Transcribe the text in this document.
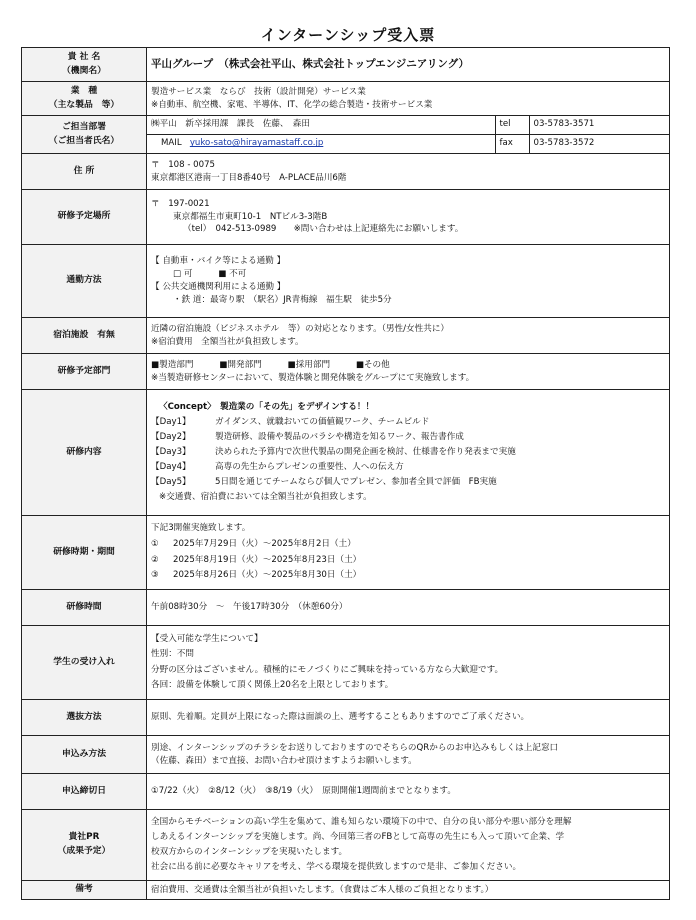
インターンシップ受入票
貴 社 名
（機関名）
	平山グループ　（株式会社平山、株式会社トップエンジニアリング）

業　種
（主な製品　等）

製造サービス業　ならび　技術（設計開発）サービス業
※自動車、航空機、家電、半導体、IT、化学の総合製造・技術サービス業

ご担当部署
（ご担当者氏名）

㈱平山　新卒採用課　課長　佐藤、　森田	tel	03-5783-3571
MAIL yuko-sato@hirayamastaff.co.jp	fax	03-5783-3572

住 所	
〒　108 - 0075
東京都港区港南一丁目8番40号　A-PLACE品川6階

研修予定場所	
〒　197-0021
東京都福生市東町10-1　NTビル3-3階B
（tel）　042-513-0989　　※問い合わせは上記連絡先にお願いします。

通勤方法	
【 自動車・バイク等による通勤 】
□ 可　　　■ 不可
【 公共交通機関利用による通勤 】
・鉄 道：最寄り駅　（駅名）JR青梅線　福生駅　徒歩5分

宿泊施設　有無	
近隣の宿泊施設（ビジネスホテル　等）の対応となります。（男性/女性共に）
※宿泊費用　全額当社が負担致します。

研修予定部門	
■製造部門　　　■開発部門　　　■採用部門　　　■その他
※当製造研修センターにおいて、製造体験と開発体験をグループにて実施致します。

研修内容	
〈Concept〉　製造業の「その先」をデザインする！！
【Day1】	ガイダンス、就職おいての価値観ワーク、チームビルド
【Day2】	製造研修、設備や製品のバラシや構造を知るワーク、報告書作成
【Day3】	決められた予算内で次世代製品の開発企画を検討、仕様書を作り発表まで実施
【Day4】	高専の先生からプレゼンの重要性、人への伝え方
【Day5】	5日間を通じてチームならび個人でプレゼン、参加者全員で評価　FB実施
※交通費、宿泊費においては全額当社が負担致します。

研修時期・期間	
下記3開催実施致します。
① 2025年7月29日（火）～2025年8月2日（土）
② 2025年8月19日（火）～2025年8月23日（土）
③ 2025年8月26日（火）～2025年8月30日（土）

研修時間	午前08時30分　～　午後17時30分　（休憩60分）
学生の受け入れ	
【受入可能な学生について】
性別：不問
分野の区分はございません。積極的にモノづくりにご興味を持っている方なら大歓迎です。
各回：設備を体験して頂く関係上20名を上限としております。

選抜方法	原則、先着順。定員が上限になった際は面談の上、選考することもありますのでご了承ください。
申込み方法	
別途、インターンシップのチラシをお送りしておりますのでそちらのQRからのお申込みもしくは上記窓口
（佐藤、森田）まで直接、お問い合わせ頂けますようお願いします。

申込締切日	①7/22（火）　②8/12（火）　③8/19（火）　原則開催1週間前までとなります。

貴社PR
（成果予定）

全国からモチベーションの高い学生を集めて、誰も知らない環境下の中で、自分の良い部分や悪い部分を理解
しあえるインターンシップを実施します。尚、今回第三者のFBとして高専の先生にも入って頂いて企業、学
校双方からのインターンシップを実現いたします。
社会に出る前に必要なキャリアを考え、学べる環境を提供致しますので是非、ご参加ください。

備考	宿泊費用、交通費は全額当社が負担いたします。（食費はご本人様のご負担となります。）
